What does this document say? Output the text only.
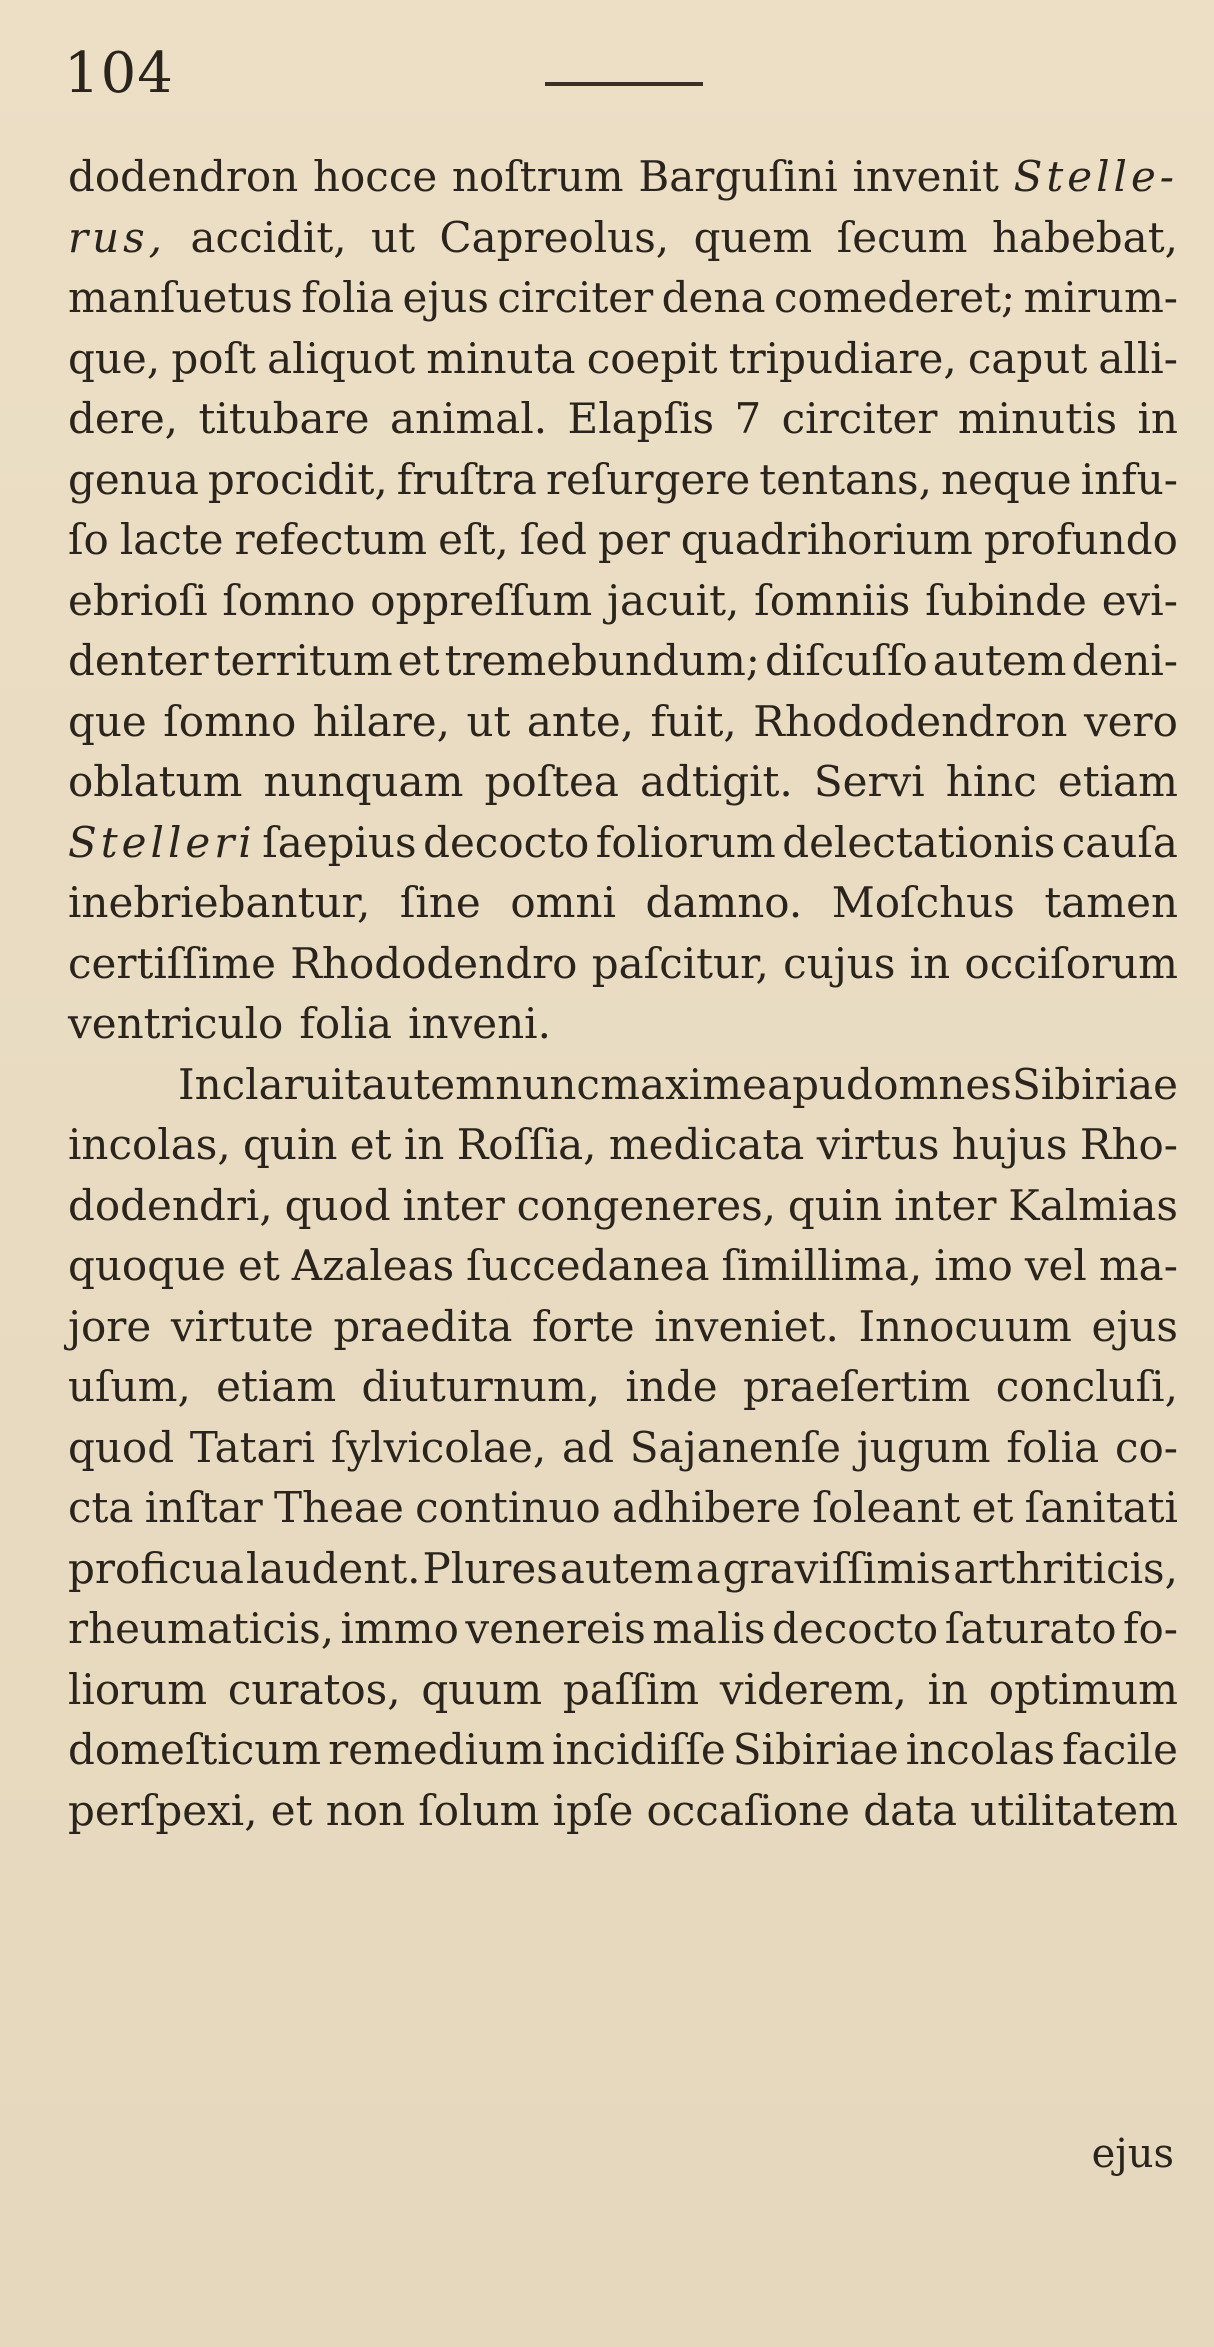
104
dodendron hocce noſtrum Barguſini invenit Stelle-
rus, accidit, ut Capreolus, quem ſecum habebat,
manſuetus folia ejus circiter dena comederet; mirum-
que, poſt aliquot minuta coepit tripudiare, caput alli-
dere, titubare animal. Elapſis 7 circiter minutis in
genua procidit, fruſtra reſurgere tentans, neque infu-
ſo lacte refectum eſt, ſed per quadrihorium profundo
ebrioſi ſomno oppreſſum jacuit, ſomniis ſubinde evi-
denter territum et tremebundum; diſcuſſo autem deni-
que ſomno hilare, ut ante, fuit, Rhododendron vero
oblatum nunquam poſtea adtigit. Servi hinc etiam
Stelleri ſaepius decocto foliorum delectationis cauſa
inebriebantur, ſine omni damno. Moſchus tamen
certiſſime Rhododendro paſcitur, cujus in occiſorum
ventriculo folia inveni.
Inclaruit autem nunc maxime apud omnes Sibiriae
incolas, quin et in Roſſia, medicata virtus hujus Rho-
dodendri, quod inter congeneres, quin inter Kalmias
quoque et Azaleas ſuccedanea ſimillima, imo vel ma-
jore virtute praedita forte inveniet. Innocuum ejus
uſum, etiam diuturnum, inde praeſertim concluſi,
quod Tatari ſylvicolae, ad Sajanenſe jugum folia co-
cta inſtar Theae continuo adhibere ſoleant et ſanitati
proficua laudent. Plures autem a graviſſimis arthriticis,
rheumaticis, immo venereis malis decocto ſaturato fo-
liorum curatos, quum paſſim viderem, in optimum
domeſticum remedium incidiſſe Sibiriae incolas facile
perſpexi, et non ſolum ipſe occaſione data utilitatem
ejus
